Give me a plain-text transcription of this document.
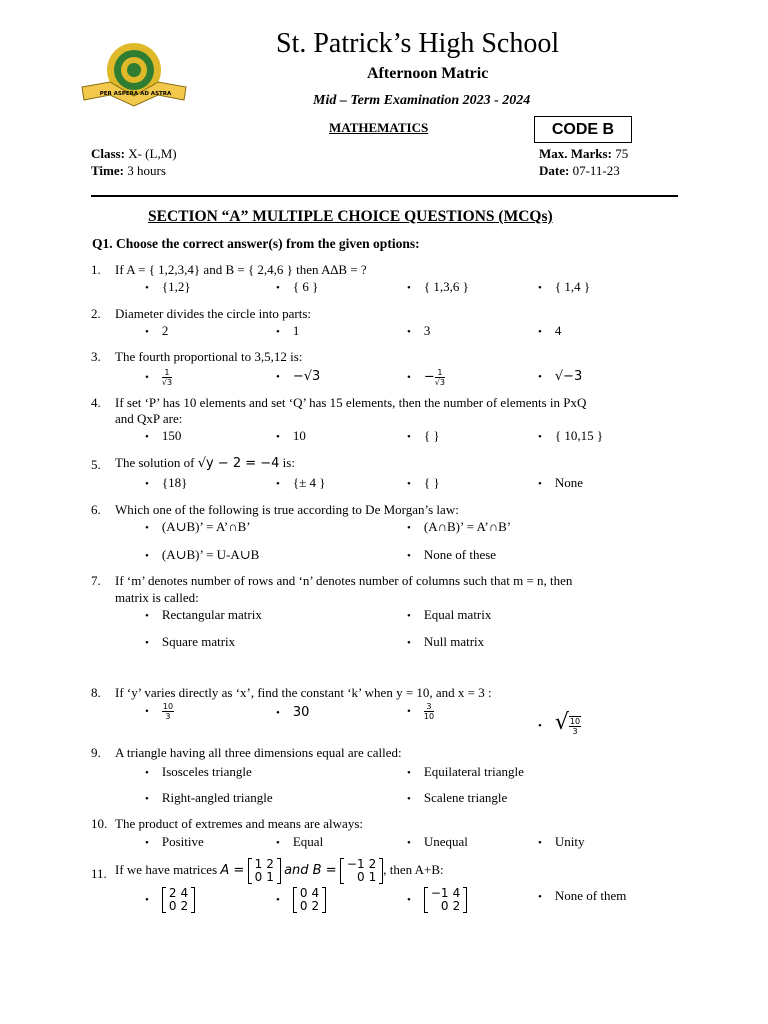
PER ASPERA AD ASTRA
St. Patrick’s High School
Afternoon Matric
Mid – Term Examination 2023 - 2024
MATHEMATICS	CODE B
Class: X- (L,M)
Time: 3 hours
Max. Marks: 75
Date: 07-11-23
SECTION “A” MULTIPLE CHOICE QUESTIONS (MCQs)
Q1. Choose the correct answer(s) from the given options:
1. If A = { 1,2,3,4} and B = { 2,4,6 } then A∆B = ?
• {1,2}	• { 6 }	• { 1,3,6 }	• { 1,4 }
2. Diameter divides the circle into parts:
• 2	• 1	• 3	• 4
3. The fourth proportional to 3,5,12 is:
• $\frac{1}{√3}$	• −√3	• − $\frac{1}{√3}$	• √−3
4. If set ‘P’ has 10 elements and set ‘Q’ has 15 elements, then the number of elements in PxQ
and QxP are:
• 150	• 10	• { }	• { 10,15 }
5. The solution of √y − 2 = −4 is:
• {18}	• {± 4 }	• { }	• None
6. Which one of the following is true according to De Morgan’s law:
• (A∪B)’ = A’∩B’	• (A∩B)’ = A’∩B’
• (A∪B)’ = U-A∪B	• None of these
7. If ‘m’ denotes number of rows and ‘n’ denotes number of columns such that m = n, then
matrix is called:
• Rectangular matrix	• Equal matrix
• Square matrix	• Null matrix
8. If ‘y’ varies directly as ‘x’, find the constant ‘k’ when y = 10, and x = 3 :
• $\frac{10}{3}$	• 30	• $\frac{3}{10}$
• √ $\frac{10}{3}$
9. A triangle having all three dimensions equal are called:
• Isosceles triangle	• Equilateral triangle
• Right-angled triangle	• Scalene triangle
10. The product of extremes and means are always:
• Positive	• Equal	• Unequal	• Unity
11. If we have matrices A = 1	2
0	1 and B = −1	2
0	1
, then A+B:
• 2	4
0	2	• 0	4
0	2	• −1	4
0	2
• None of them
